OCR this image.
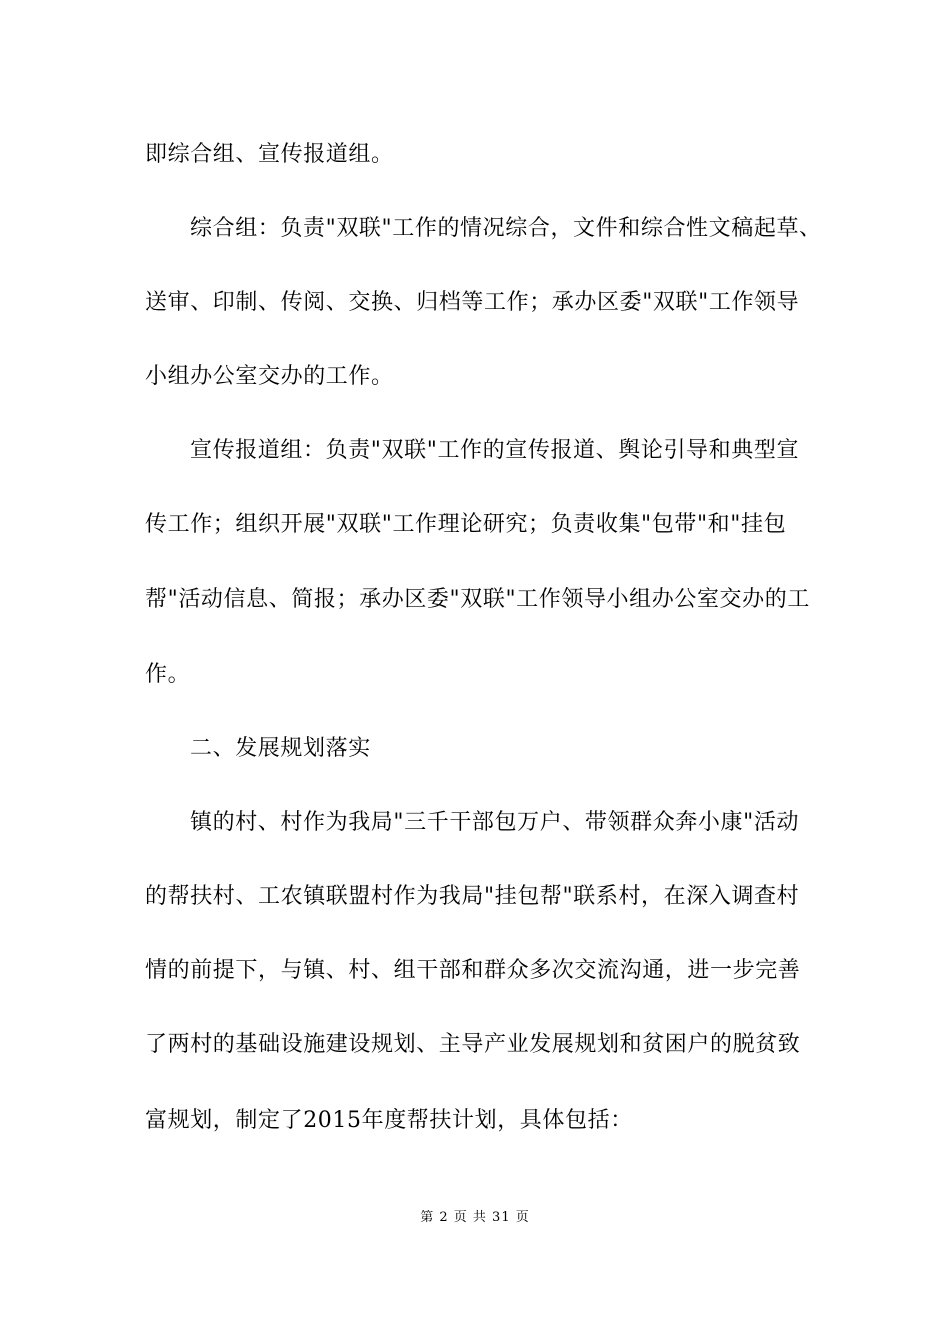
即综合组、宣传报道组。
综合组：负责"双联"工作的情况综合，文件和综合性文稿起草、
送审、印制、传阅、交换、归档等工作；承办区委"双联"工作领导
小组办公室交办的工作。
宣传报道组：负责"双联"工作的宣传报道、舆论引导和典型宣
传工作；组织开展"双联"工作理论研究；负责收集"包带"和"挂包
帮"活动信息、简报；承办区委"双联"工作领导小组办公室交办的工
作。
二、发展规划落实
镇的村、村作为我局"三千干部包万户、带领群众奔小康"活动
的帮扶村、工农镇联盟村作为我局"挂包帮"联系村，在深入调查村
情的前提下，与镇、村、组干部和群众多次交流沟通，进一步完善
了两村的基础设施建设规划、主导产业发展规划和贫困户的脱贫致
富规划，制定了2015年度帮扶计划，具体包括：
第 2 页 共 31 页
